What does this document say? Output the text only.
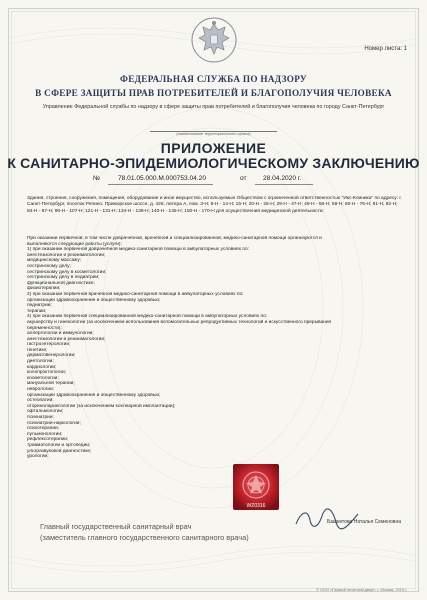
Номер листа: 1
ФЕДЕРАЛЬНАЯ СЛУЖБА ПО НАДЗОРУ
В СФЕРЕ ЗАЩИТЫ ПРАВ ПОТРЕБИТЕЛЕЙ И БЛАГОПОЛУЧИЯ ЧЕЛОВЕКА
Управление Федеральной службы по надзору в сфере защиты прав потребителей и благополучия человека по городу Санкт-Петербург
(наименование территориального органа)
ПРИЛОЖЕНИЕ
К САНИТАРНО-ЭПИДЕМИОЛОГИЧЕСКОМУ ЗАКЛЮЧЕНИЮ
№	78.01.05.000.М.000753.04.20	от 28.04.2020 г.
Здания, строения, сооружения, помещения, оборудование и иное имущество, используемые Обществом с ограниченной ответственностью "Икс-Клиника" по адресу: г. Санкт-Петербург, поселок Репино, Приморское шоссе, д. 426, литера А, пом. 3-Н; 8-Н - 14-Н; 16-Н; 20-Н - 25-Н; 29-Н - 47-Н; 49-Н - 56-Н; 58-Н; 60-Н - 76-Н; 81-Н; 82-Н; 84-Н - 87-Н; 96-Н - 107-Н; 121-Н - 131-Н; 134-Н - 138-Н; 140-Н - 145-Н; 150-Н - 170-Н для осуществления медицинской деятельности:
При оказании первичной, в том числе доврачебной, врачебной и специализированной, медико-санитарной помощи организуются и
выполняются следующие работы (услуги):
1) при оказании первичной доврачебной медико-санитарной помощи в амбулаторных условиях по:
анестезиологии и реаниматологии;
медицинскому массажу;
сестринскому делу;
сестринскому делу в косметологии;
сестринскому делу в педиатрии;
функциональной диагностике;
физиотерапии;
2) при оказании первичной врачебной медико-санитарной помощи в амбулаторных условиях по:
организации здравоохранения и общественному здоровью;
педиатрии;
терапии;
4) при оказании первичной специализированной медико-санитарной помощи в амбулаторных условиях по:
акушерству и гинекологии (за исключением использования вспомогательных репродуктивных технологий и искусственного прерывания
беременности);
аллергологии и иммунологии;
анестезиологии и реаниматологии;
гастроэнтерологии;
генетике;
дерматовенерологии;
диетологии;
кардиологии;
колопроктологии;
косметологии;
мануальной терапии;
неврологии;
организации здравоохранения и общественному здоровью;
остеопатии;
оториноларингологии (за исключением кохлеарной имплантации);
офтальмологии;
психиатрии;
психиатрии-наркологии;
психотерапии;
пульмонологии;
рефлексотерапии;
травматологии и ортопедии;
ультразвуковой диагностике;
урологии;
WZ0316
Главный государственный санитарный врач
(заместитель главного государственного санитарного врача)
Башкетова Наталья Семеновна
© ООО «Первый печатный двор», г. Москва, 2019 г.
